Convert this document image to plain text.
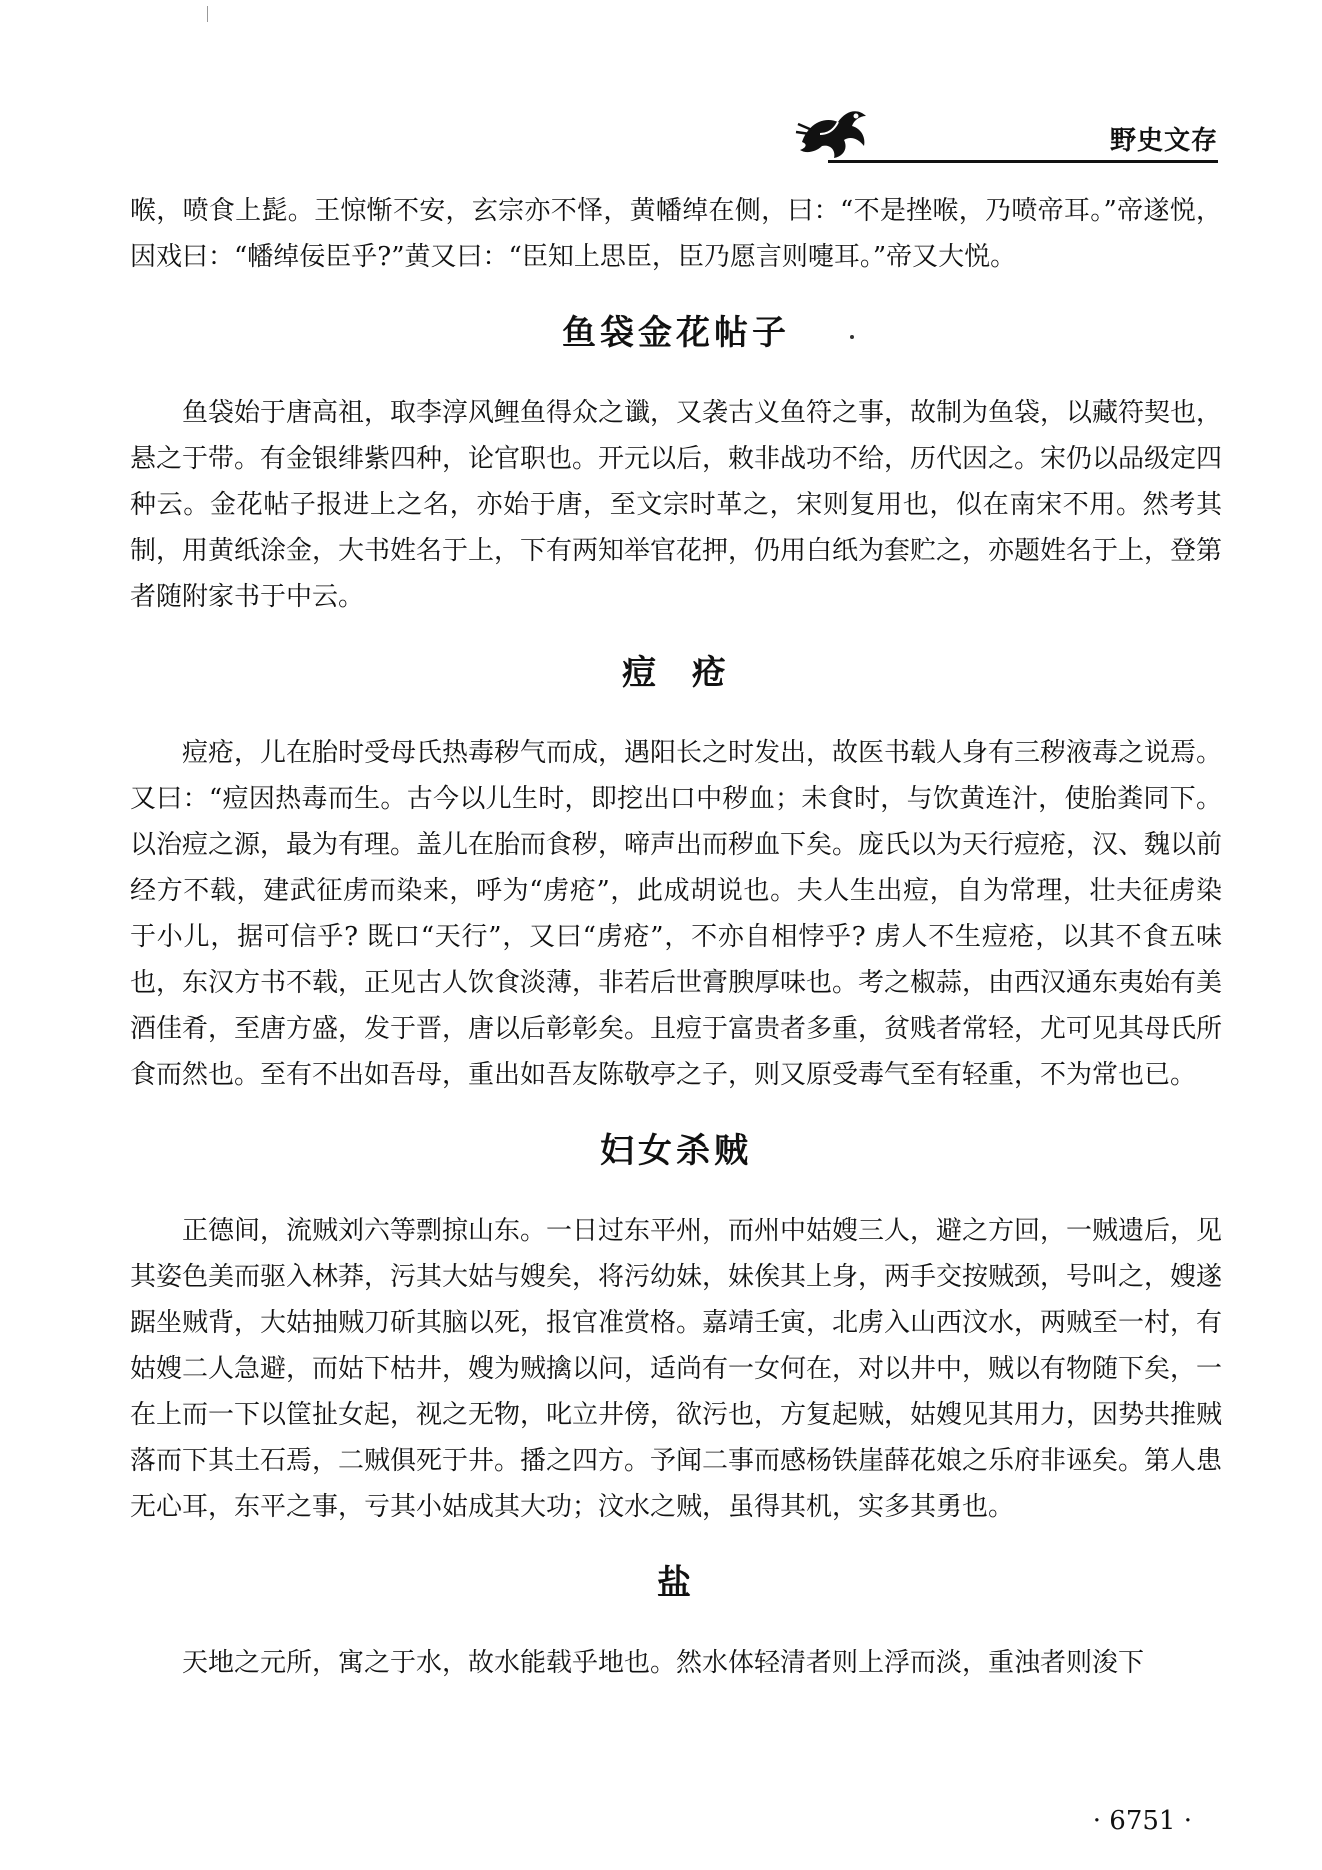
野史文存

喉，喷食上髭。王惊惭不安，玄宗亦不怿，黄幡绰在侧，曰：“不是挫喉，乃喷帝耳。”帝遂悦，因戏曰：“幡绰佞臣乎?”黄又曰：“臣知上思臣，臣乃愿言则嚏耳。”帝又大悦。

鱼袋金花帖子

鱼袋始于唐高祖，取李淳风鲤鱼得众之谶，又袭古义鱼符之事，故制为鱼袋，以藏符契也，悬之于带。有金银绯紫四种，论官职也。开元以后，敕非战功不给，历代因之。宋仍以品级定四种云。金花帖子报进上之名，亦始于唐，至文宗时革之，宋则复用也，似在南宋不用。然考其制，用黄纸涂金，大书姓名于上，下有两知举官花押，仍用白纸为套贮之，亦题姓名于上，登第者随附家书于中云。

痘  疮

痘疮，儿在胎时受母氏热毒秽气而成，遇阳长之时发出，故医书载人身有三秽液毒之说焉。又曰：“痘因热毒而生。古今以儿生时，即挖出口中秽血；未食时，与饮黄连汁，使胎粪同下。以治痘之源，最为有理。盖儿在胎而食秽，啼声出而秽血下矣。庞氏以为天行痘疮，汉、魏以前经方不载，建武征虏而染来，呼为“虏疮”，此成胡说也。夫人生出痘，自为常理，壮夫征虏染于小儿，据可信乎? 既口“天行”，又曰“虏疮”，不亦自相悖乎? 虏人不生痘疮，以其不食五味也，东汉方书不载，正见古人饮食淡薄，非若后世膏腴厚味也。考之椒蒜，由西汉通东夷始有美酒佳肴，至唐方盛，发于晋，唐以后彰彰矣。且痘于富贵者多重，贫贱者常轻，尤可见其母氏所食而然也。至有不出如吾母，重出如吾友陈敬亭之子，则又原受毒气至有轻重，不为常也已。

妇女杀贼

正德间，流贼刘六等剽掠山东。一日过东平州，而州中姑嫂三人，避之方回，一贼遗后，见其姿色美而驱入林莽，污其大姑与嫂矣，将污幼妹，妹俟其上身，两手交按贼颈，号叫之，嫂遂踞坐贼背，大姑抽贼刀斫其脑以死，报官准赏格。嘉靖壬寅，北虏入山西汶水，两贼至一村，有姑嫂二人急避，而姑下枯井，嫂为贼擒以问，适尚有一女何在，对以井中，贼以有物随下矣，一在上而一下以筐扯女起，视之无物，叱立井傍，欲污也，方复起贼，姑嫂见其用力，因势共推贼落而下其土石焉，二贼俱死于井。播之四方。予闻二事而感杨铁崖薛花娘之乐府非诬矣。第人患无心耳，东平之事，亏其小姑成其大功；汶水之贼，虽得其机，实多其勇也。

盐

天地之元所，寓之于水，故水能载乎地也。然水体轻清者则上浮而淡，重浊者则浚下

· 6751 ·
